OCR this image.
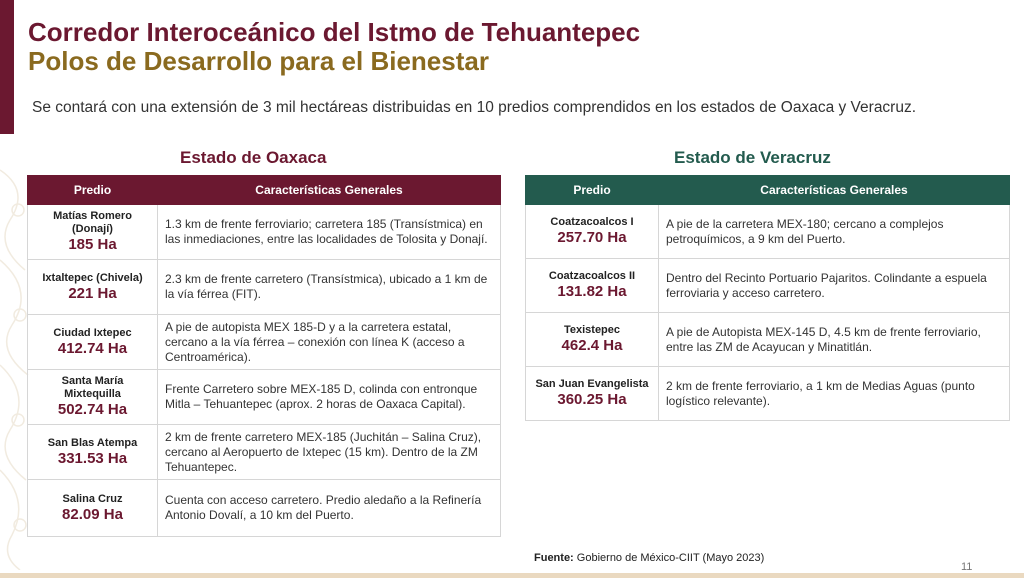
Corredor Interoceánico del Istmo de Tehuantepec
Polos de Desarrollo para el Bienestar
Se contará con una extensión de 3 mil hectáreas distribuidas en 10 predios comprendidos en los estados de Oaxaca y Veracruz.
Estado de Oaxaca	Estado de Veracruz
Predio	Características Generales

Matías Romero (Donají)
185 Ha	1.3 km de frente ferroviario; carretera 185 (Transístmica) en las inmediaciones, entre las localidades de Tolosita y Donají.

Ixtaltepec (Chivela)
221 Ha	2.3 km de frente carretero (Transístmica), ubicado a 1 km de la vía férrea (FIT).

Ciudad Ixtepec
412.74 Ha	A pie de autopista MEX 185-D y a la carretera estatal, cercano a la vía férrea – conexión con línea K (acceso a Centroamérica).

Santa María Mixtequilla
502.74 Ha	Frente Carretero sobre MEX-185 D, colinda con entronque Mitla – Tehuantepec (aprox. 2 horas de Oaxaca Capital).

San Blas Atempa
331.53 Ha	2 km de frente carretero MEX-185 (Juchitán – Salina Cruz), cercano al Aeropuerto de Ixtepec (15 km). Dentro de la ZM Tehuantepec.

Salina Cruz
82.09 Ha	Cuenta con acceso carretero. Predio aledaño a la Refinería Antonio Dovalí, a 10 km del Puerto.
Predio	Características Generales

Coatzacoalcos I
257.70 Ha	A pie de la carretera MEX-180; cercano a complejos petroquímicos, a 9 km del Puerto.

Coatzacoalcos II
131.82 Ha	Dentro del Recinto Portuario Pajaritos. Colindante a espuela ferroviaria y acceso carretero.

Texistepec
462.4 Ha	A pie de Autopista MEX-145 D, 4.5 km de frente ferroviario, entre las ZM de Acayucan y Minatitlán.

San Juan Evangelista
360.25 Ha	2 km de frente ferroviario, a 1 km de Medias Aguas (punto logístico relevante).
Fuente: Gobierno de México-CIIT (Mayo 2023)
11
